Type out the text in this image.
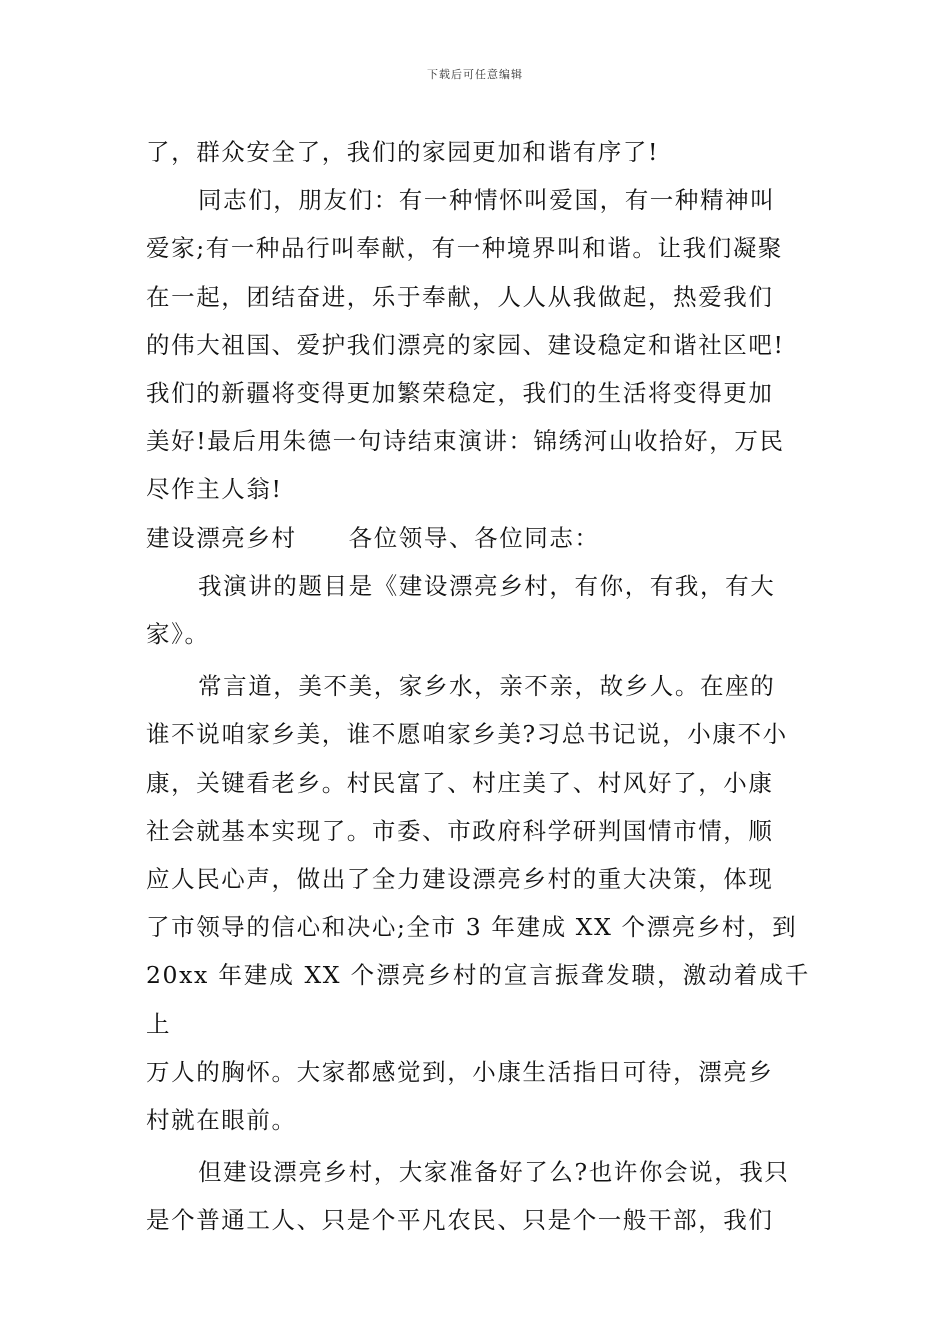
下载后可任意编辑
了，群众安全了，我们的家园更加和谐有序了!
同志们，朋友们：有一种情怀叫爱国，有一种精神叫
爱家;有一种品行叫奉献，有一种境界叫和谐。让我们凝聚
在一起，团结奋进，乐于奉献，人人从我做起，热爱我们
的伟大祖国、爱护我们漂亮的家园、建设稳定和谐社区吧!
我们的新疆将变得更加繁荣稳定，我们的生活将变得更加
美好!最后用朱德一句诗结束演讲：锦绣河山收拾好，万民
尽作主人翁!
建设漂亮乡村 各位领导、各位同志：
我演讲的题目是《建设漂亮乡村，有你，有我，有大
家》。
常言道，美不美，家乡水，亲不亲，故乡人。在座的
谁不说咱家乡美，谁不愿咱家乡美?习总书记说，小康不小
康，关键看老乡。村民富了、村庄美了、村风好了，小康
社会就基本实现了。市委、市政府科学研判国情市情，顺
应人民心声，做出了全力建设漂亮乡村的重大决策，体现
了市领导的信心和决心;全市 3 年建成 XX 个漂亮乡村，到
20xx 年建成 XX 个漂亮乡村的宣言振聋发聩，激动着成千上
万人的胸怀。大家都感觉到，小康生活指日可待，漂亮乡
村就在眼前。
但建设漂亮乡村，大家准备好了么?也许你会说，我只
是个普通工人、只是个平凡农民、只是个一般干部，我们
